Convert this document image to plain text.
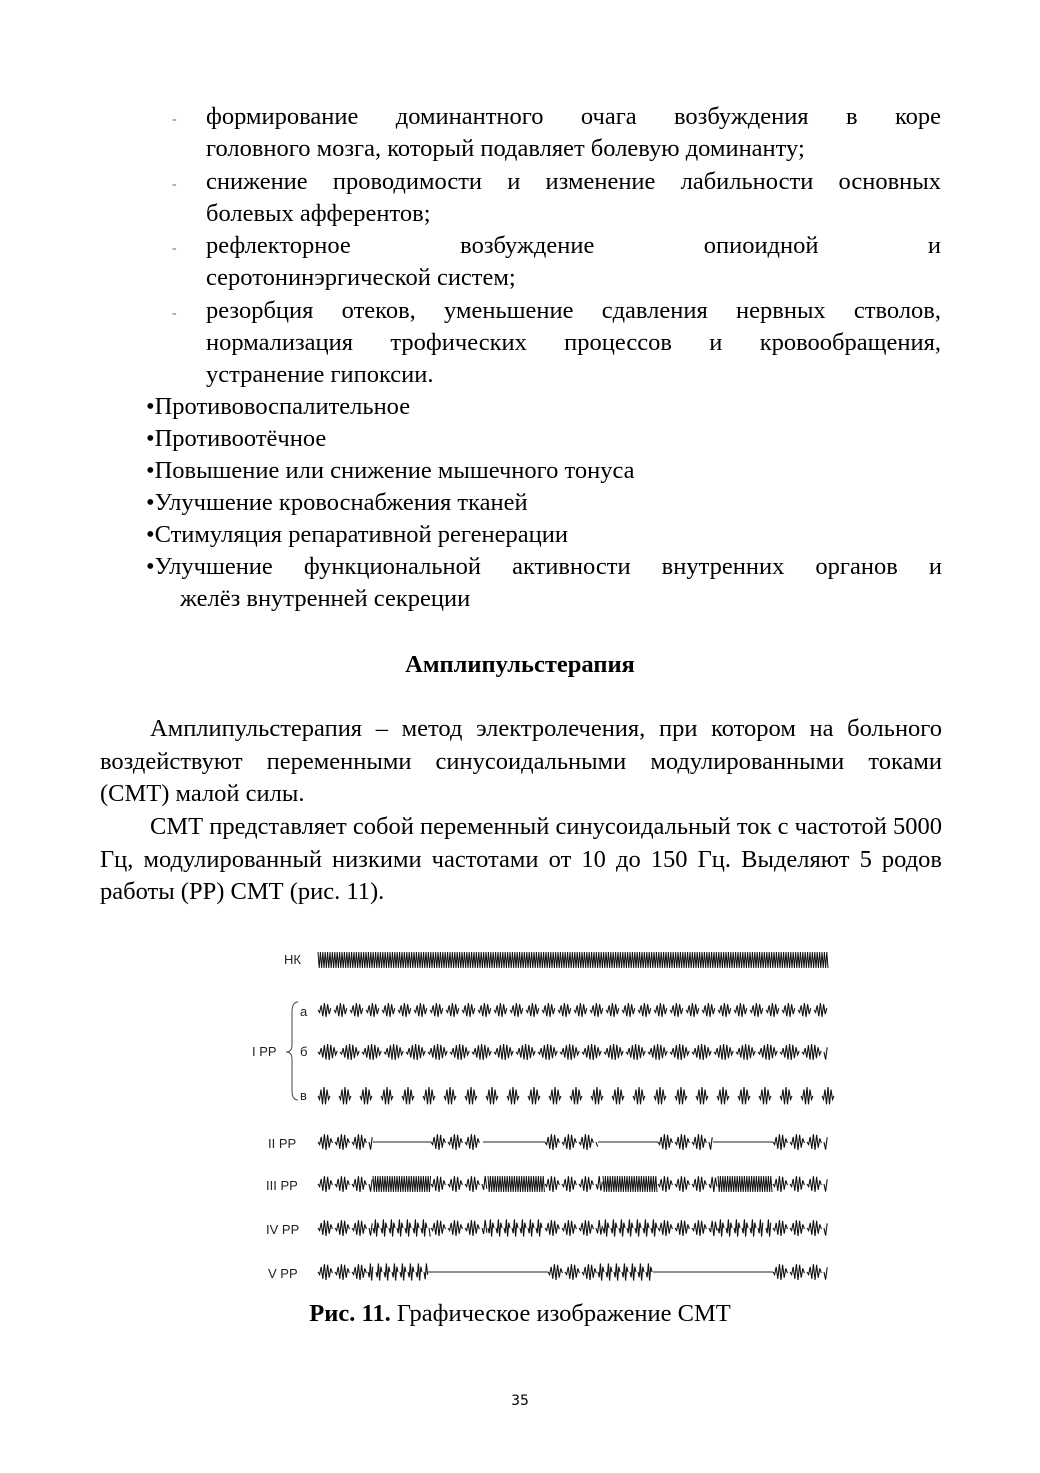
- формирование доминантного очага возбуждения в коре
головного мозга, который подавляет болевую доминанту;
- снижение проводимости и изменение лабильности основных
болевых афферентов;
- рефлекторное возбуждение опиоидной и
серотонинэргической систем;
- резорбция отеков, уменьшение сдавления нервных стволов,
нормализация трофических процессов и кровообращения,
устранение гипоксии.
•Противовоспалительное
•Противоотёчное
•Повышение или снижение мышечного тонуса
•Улучшение кровоснабжения тканей
•Стимуляция репаративной регенерации
•Улучшение функциональной активности внутренних органов и
желёз внутренней секреции
Амплипульстерапия
Амплипульстерапия – метод электролечения, при котором на больного воздействуют переменными синусоидальными модулированными токами (СМТ) малой силы.
СМТ представляет собой переменный синусоидальный ток с частотой 5000 Гц, модулированный низкими частотами от 10 до 150 Гц. Выделяют 5 родов работы (РР) СМТ (рис. 11).
НК
а
б
в
I РР
II РР
III РР
IV РР
V РР
Рис. 11. Графическое изображение СМТ
35
